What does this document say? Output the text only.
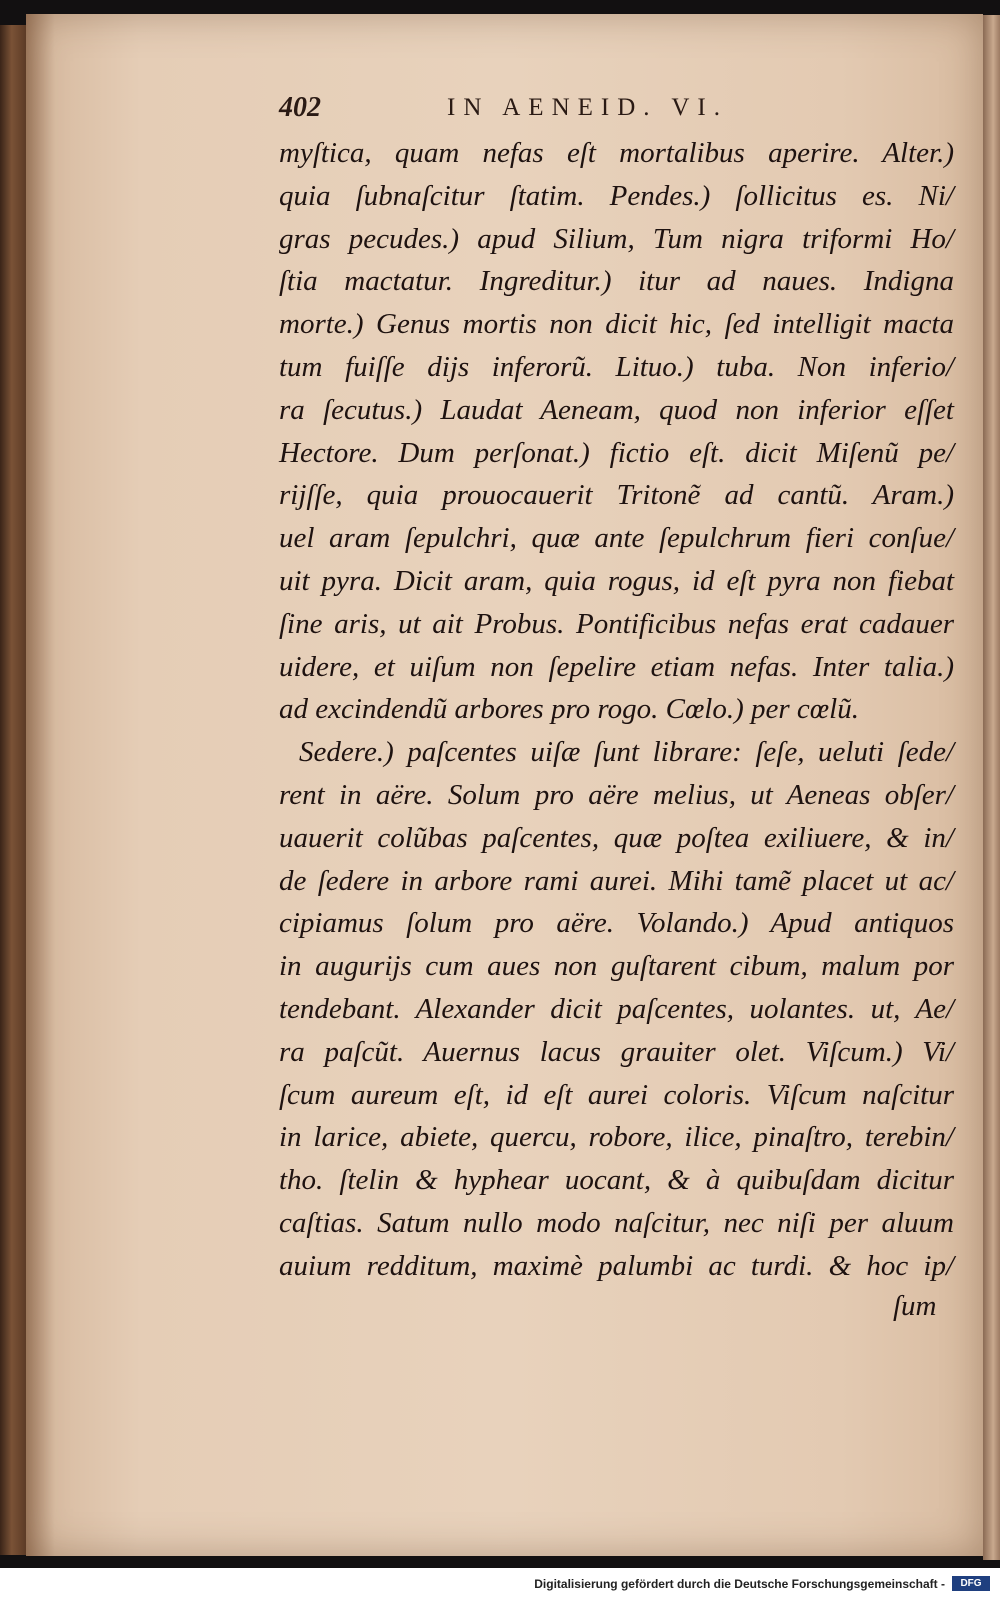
402	IN AENEID. VI.
myſtica, quam nefas eſt mortalibus aperire. Alter.)
quia ſubnaſcitur ſtatim. Pendes.) ſollicitus es. Ni/
gras pecudes.) apud Silium, Tum nigra triformi Ho/
ſtia mactatur. Ingreditur.) itur ad naues. Indigna
morte.) Genus mortis non dicit hic, ſed intelligit macta
tum fuiſſe dijs inferorũ. Lituo.) tuba. Non inferio/
ra ſecutus.) Laudat Aeneam, quod non inferior eſſet
Hectore. Dum perſonat.) fictio eſt. dicit Miſenũ pe/
rijſſe, quia prouocauerit Tritonẽ ad cantũ. Aram.)
uel aram ſepulchri, quæ ante ſepulchrum fieri conſue/
uit pyra. Dicit aram, quia rogus, id eſt pyra non fiebat
ſine aris, ut ait Probus. Pontificibus nefas erat cadauer
uidere, et uiſum non ſepelire etiam nefas. Inter talia.)
ad excindendũ arbores pro rogo. Cœlo.) per cœlũ.
Sedere.) paſcentes uiſæ ſunt librare: ſeſe, ueluti ſede/
rent in aëre. Solum pro aëre melius, ut Aeneas obſer/
uauerit colũbas paſcentes, quæ poſtea exiliuere, & in/
de ſedere in arbore rami aurei. Mihi tamẽ placet ut ac/
cipiamus ſolum pro aëre. Volando.) Apud antiquos
in augurijs cum aues non guſtarent cibum, malum por
tendebant. Alexander dicit paſcentes, uolantes. ut, Ae/
ra paſcũt. Auernus lacus grauiter olet. Viſcum.) Vi/
ſcum aureum eſt, id eſt aurei coloris. Viſcum naſcitur
in larice, abiete, quercu, robore, ilice, pinaſtro, terebin/
tho. ſtelin & hyphear uocant, & à quibuſdam dicitur
caſtias. Satum nullo modo naſcitur, nec niſi per aluum
auium redditum, maximè palumbi ac turdi. & hoc ip/
ſum
Digitalisierung gefördert durch die Deutsche Forschungsgemeinschaft -	DFG
